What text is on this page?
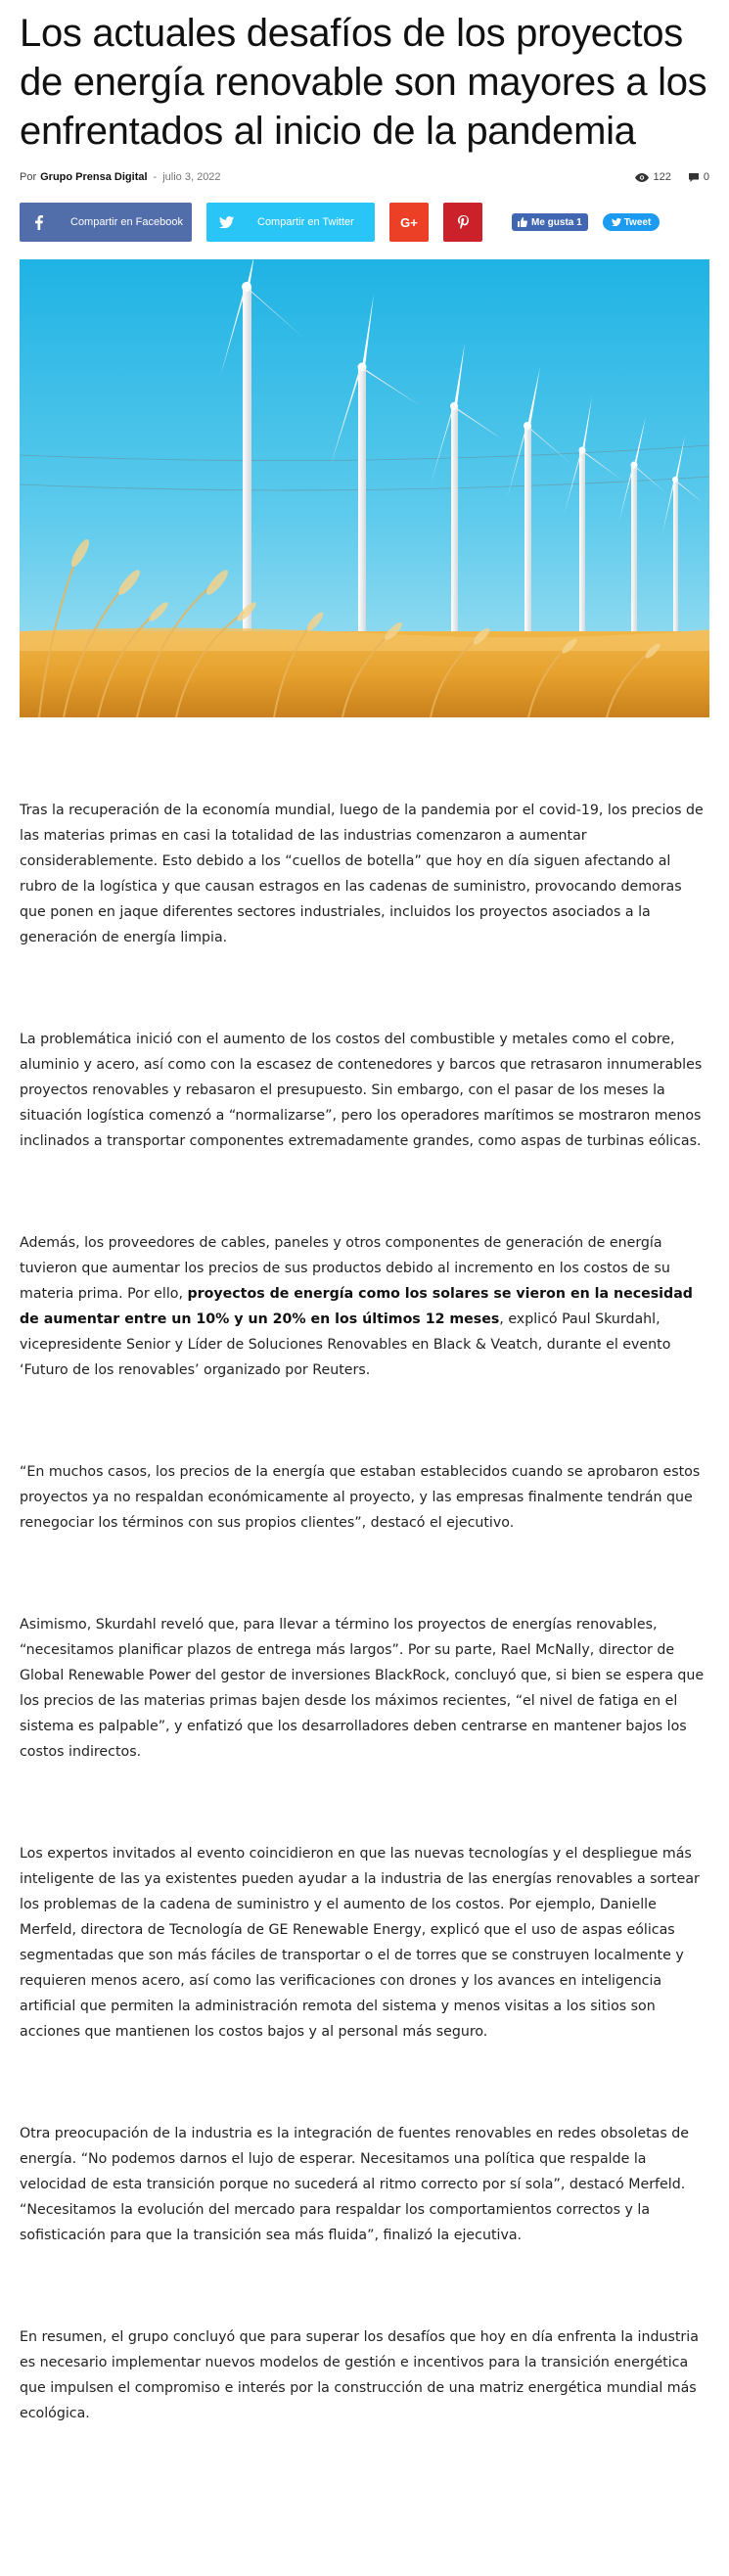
Los actuales desafíos de los proyectos de energía renovable son mayores a los enfrentados al inicio de la pandemia
Por Grupo Prensa Digital - julio 3, 2022	122	0
Compartir en Facebook	Compartir en Twitter	G+	Me gusta 1	Tweet

Tras la recuperación de la economía mundial, luego de la pandemia por el covid-19, los precios de las materias primas en casi la totalidad de las industrias comenzaron a aumentar considerablemente. Esto debido a los “cuellos de botella” que hoy en día siguen afectando al rubro de la logística y que causan estragos en las cadenas de suministro, provocando demoras que ponen en jaque diferentes sectores industriales, incluidos los proyectos asociados a la generación de energía limpia.

La problemática inició con el aumento de los costos del combustible y metales como el cobre, aluminio y acero, así como con la escasez de contenedores y barcos que retrasaron innumerables proyectos renovables y rebasaron el presupuesto. Sin embargo, con el pasar de los meses la situación logística comenzó a “normalizarse”, pero los operadores marítimos se mostraron menos inclinados a transportar componentes extremadamente grandes, como aspas de turbinas eólicas.

Además, los proveedores de cables, paneles y otros componentes de generación de energía tuvieron que aumentar los precios de sus productos debido al incremento en los costos de su materia prima. Por ello, proyectos de energía como los solares se vieron en la necesidad de aumentar entre un 10% y un 20% en los últimos 12 meses, explicó Paul Skurdahl, vicepresidente Senior y Líder de Soluciones Renovables en Black & Veatch, durante el evento ‘Futuro de los renovables’ organizado por Reuters.

“En muchos casos, los precios de la energía que estaban establecidos cuando se aprobaron estos proyectos ya no respaldan económicamente al proyecto, y las empresas finalmente tendrán que renegociar los términos con sus propios clientes”, destacó el ejecutivo.

Asimismo, Skurdahl reveló que, para llevar a término los proyectos de energías renovables, “necesitamos planificar plazos de entrega más largos”. Por su parte, Rael McNally, director de Global Renewable Power del gestor de inversiones BlackRock, concluyó que, si bien se espera que los precios de las materias primas bajen desde los máximos recientes, “el nivel de fatiga en el sistema es palpable”, y enfatizó que los desarrolladores deben centrarse en mantener bajos los costos indirectos.

Los expertos invitados al evento coincidieron en que las nuevas tecnologías y el despliegue más inteligente de las ya existentes pueden ayudar a la industria de las energías renovables a sortear los problemas de la cadena de suministro y el aumento de los costos. Por ejemplo, Danielle Merfeld, directora de Tecnología de GE Renewable Energy, explicó que el uso de aspas eólicas segmentadas que son más fáciles de transportar o el de torres que se construyen localmente y requieren menos acero, así como las verificaciones con drones y los avances en inteligencia artificial que permiten la administración remota del sistema y menos visitas a los sitios son acciones que mantienen los costos bajos y al personal más seguro.

Otra preocupación de la industria es la integración de fuentes renovables en redes obsoletas de energía. “No podemos darnos el lujo de esperar. Necesitamos una política que respalde la velocidad de esta transición porque no sucederá al ritmo correcto por sí sola”, destacó Merfeld. “Necesitamos la evolución del mercado para respaldar los comportamientos correctos y la sofisticación para que la transición sea más fluida”, finalizó la ejecutiva.

En resumen, el grupo concluyó que para superar los desafíos que hoy en día enfrenta la industria es necesario implementar nuevos modelos de gestión e incentivos para la transición energética que impulsen el compromiso e interés por la construcción de una matriz energética mundial más ecológica.
